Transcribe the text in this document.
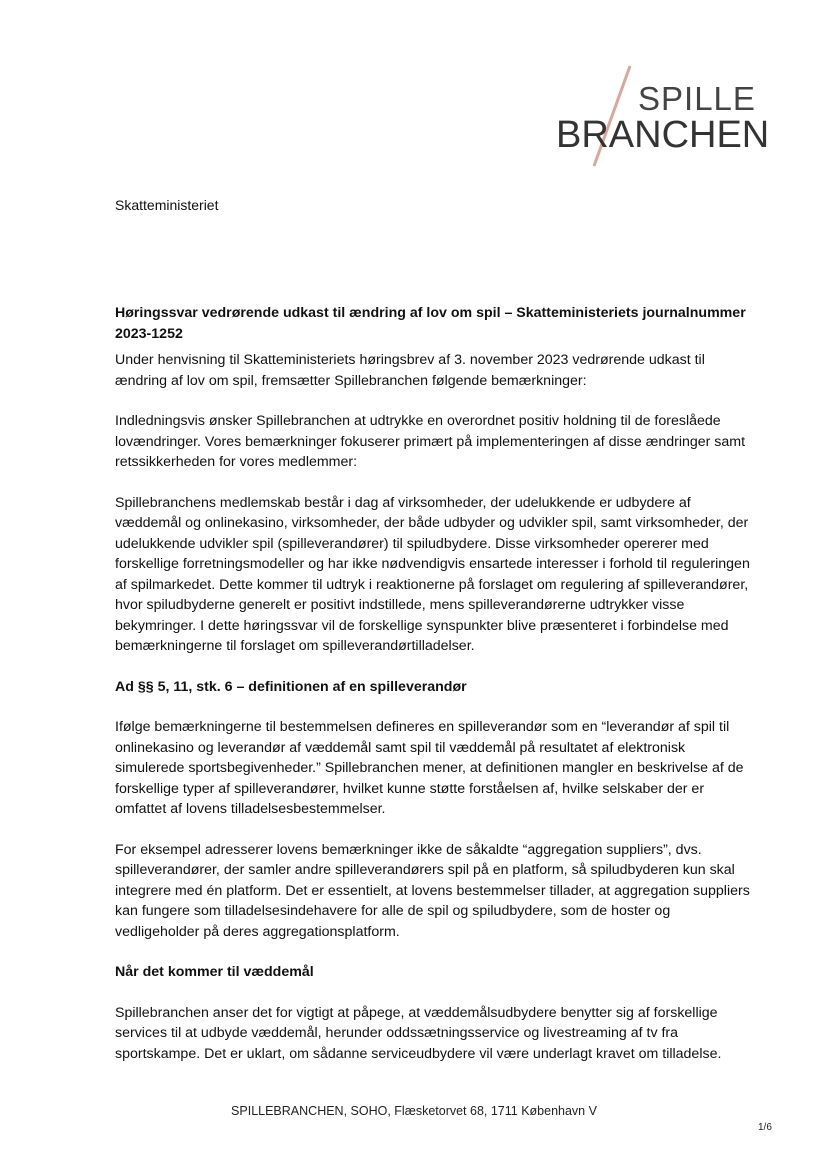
SPILLE
BRANCHEN
Skatteministeriet

Høringssvar vedrørende udkast til ændring af lov om spil – Skatteministeriets journalnummer 2023-1252

Under henvisning til Skatteministeriets høringsbrev af 3. november 2023 vedrørende udkast til ændring af lov om spil, fremsætter Spillebranchen følgende bemærkninger:

Indledningsvis ønsker Spillebranchen at udtrykke en overordnet positiv holdning til de foreslåede lovændringer. Vores bemærkninger fokuserer primært på implementeringen af disse ændringer samt retssikkerheden for vores medlemmer:

Spillebranchens medlemskab består i dag af virksomheder, der udelukkende er udbydere af væddemål og onlinekasino, virksomheder, der både udbyder og udvikler spil, samt virksomheder, der udelukkende udvikler spil (spilleverandører) til spiludbydere. Disse virksomheder opererer med forskellige forretningsmodeller og har ikke nødvendigvis ensartede interesser i forhold til reguleringen af spilmarkedet. Dette kommer til udtryk i reaktionerne på forslaget om regulering af spilleverandører, hvor spiludbyderne generelt er positivt indstillede, mens spilleverandørerne udtrykker visse bekymringer. I dette høringssvar vil de forskellige synspunkter blive præsenteret i forbindelse med bemærkningerne til forslaget om spilleverandørtilladelser.

Ad §§ 5, 11, stk. 6 – definitionen af en spilleverandør

Ifølge bemærkningerne til bestemmelsen defineres en spilleverandør som en “leverandør af spil til onlinekasino og leverandør af væddemål samt spil til væddemål på resultatet af elektronisk simulerede sportsbegivenheder.” Spillebranchen mener, at definitionen mangler en beskrivelse af de forskellige typer af spilleverandører, hvilket kunne støtte forståelsen af, hvilke selskaber der er omfattet af lovens tilladelsesbestemmelser.

For eksempel adresserer lovens bemærkninger ikke de såkaldte “aggregation suppliers”, dvs. spilleverandører, der samler andre spilleverandørers spil på en platform, så spiludbyderen kun skal integrere med én platform. Det er essentielt, at lovens bestemmelser tillader, at aggregation suppliers kan fungere som tilladelsesindehavere for alle de spil og spiludbydere, som de hoster og vedligeholder på deres aggregationsplatform.

Når det kommer til væddemål

Spillebranchen anser det for vigtigt at påpege, at væddemålsudbydere benytter sig af forskellige services til at udbyde væddemål, herunder oddssætningsservice og livestreaming af tv fra sportskampe. Det er uklart, om sådanne serviceudbydere vil være underlagt kravet om tilladelse.

SPILLEBRANCHEN, SOHO, Flæsketorvet 68, 1711 København V
1/6
